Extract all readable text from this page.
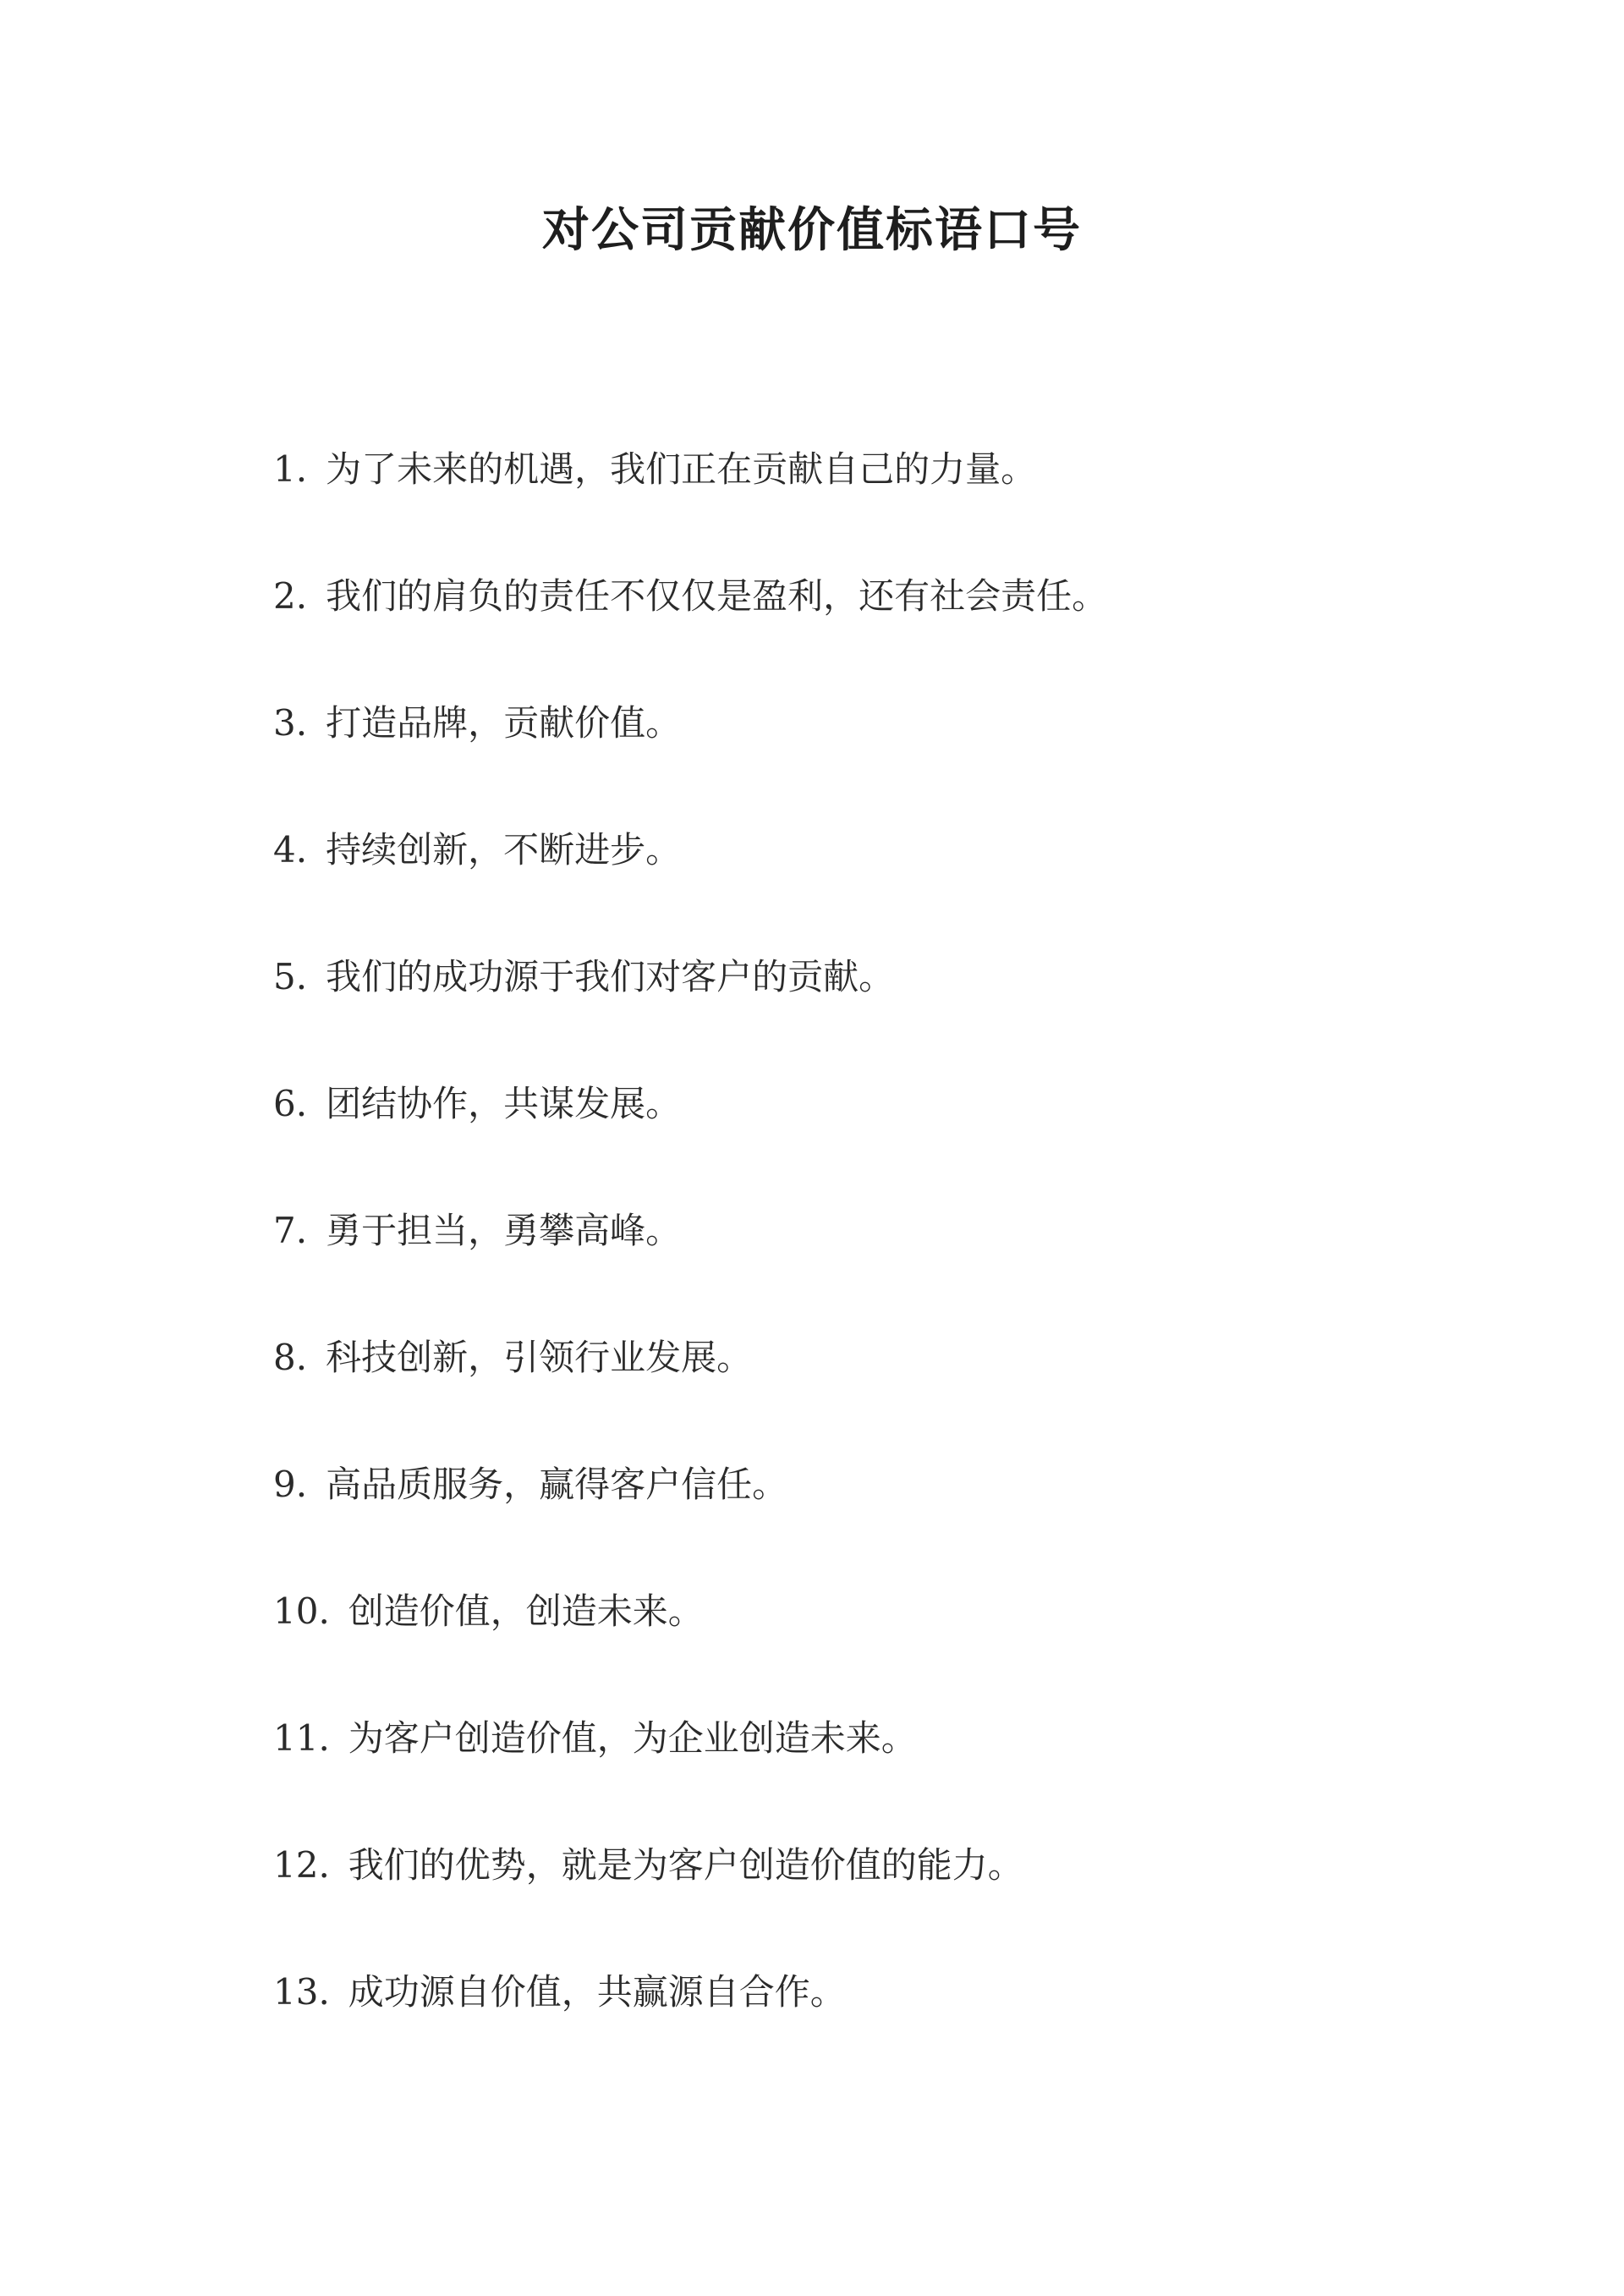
对公司贡献价值标语口号
1. 为了未来的机遇，我们正在贡献自己的力量。
2. 我们的肩负的责任不仅仅是盈利，还有社会责任。
3. 打造品牌，贡献价值。
4. 持续创新，不断进步。
5. 我们的成功源于我们对客户的贡献。
6. 团结协作，共谋发展。
7. 勇于担当，勇攀高峰。
8. 科技创新，引领行业发展。
9. 高品质服务，赢得客户信任。
10. 创造价值，创造未来。
11. 为客户创造价值，为企业创造未来。
12. 我们的优势，就是为客户创造价值的能力。
13. 成功源自价值，共赢源自合作。
